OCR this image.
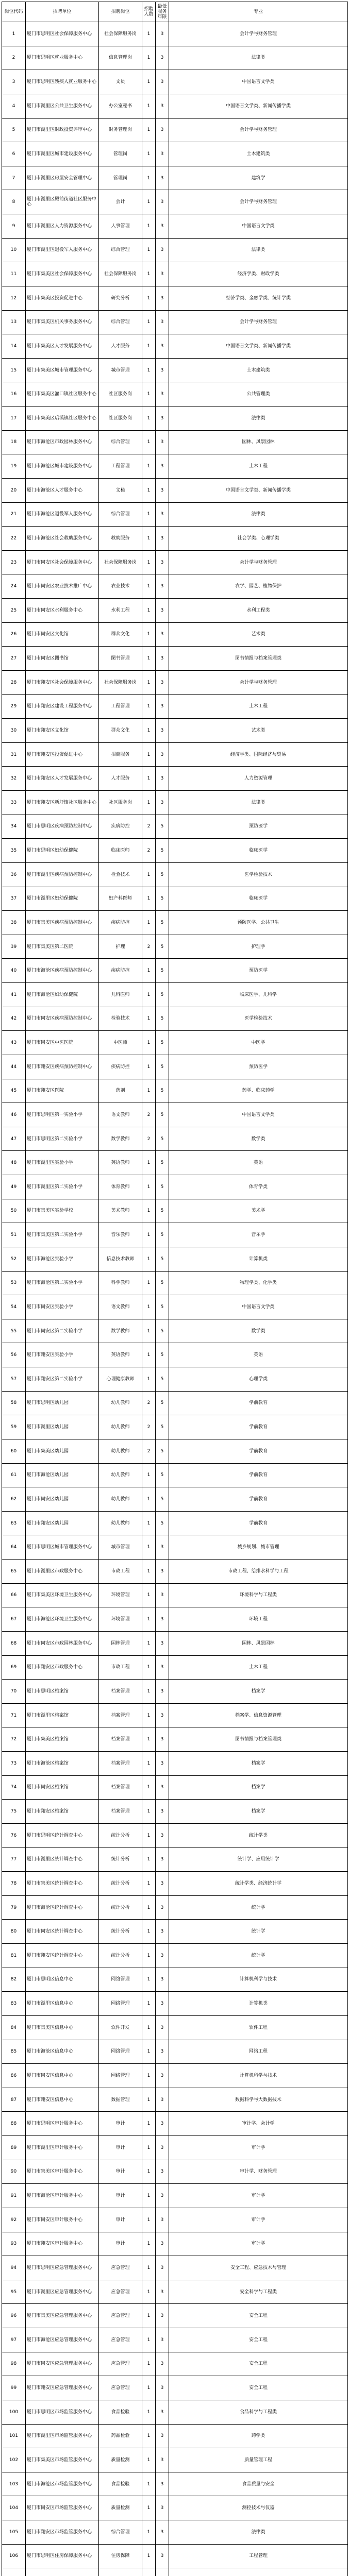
岗位代码	招聘单位	招聘岗位	招聘人数	最低服务年限	专业
1	厦门市思明区社会保障服务中心	社会保障服务岗	1	3	会计学与财务管理
2	厦门市思明区就业服务中心	信息管理岗	1	3	法律类
3	厦门市思明区残疾人就业服务中心	文员	1	3	中国语言文学类
4	厦门市湖里区公共卫生服务中心	办公室秘书	1	3	中国语言文学类、新闻传播学类
5	厦门市湖里区财政投资评审中心	财务管理岗	1	3	会计学与财务管理
6	厦门市湖里区城市建设服务中心	管理岗	1	3	土木建筑类
7	厦门市湖里区房屋安全管理中心	管理岗	1	3	建筑学
8	厦门市湖里区殿前街道社区服务中心	会计	1	3	会计学与财务管理
9	厦门市湖里区人力资源服务中心	人事管理	1	3	中国语言文学类
10	厦门市湖里区退役军人服务中心	综合管理	1	3	法律类
11	厦门市集美区社会保障服务中心	社会保障服务岗	1	3	经济学类、财政学类
12	厦门市集美区投资促进中心	研究分析	1	3	经济学类、金融学类、统计学类
13	厦门市集美区机关事务服务中心	综合管理	1	3	会计学与财务管理
14	厦门市集美区人才发展服务中心	人才服务	1	3	中国语言文学类、新闻传播学类
15	厦门市集美区城市管理服务中心	城市管理	1	3	土木建筑类
16	厦门市集美区灌口镇社区服务中心	社区服务岗	1	3	公共管理类
17	厦门市集美区后溪镇社区服务中心	社区服务岗	1	3	法律类
18	厦门市海沧区市政园林服务中心	综合管理	1	3	园林、风景园林
19	厦门市海沧区城市建设服务中心	工程管理	1	3	土木工程
20	厦门市海沧区人才服务中心	文秘	1	3	中国语言文学类、新闻传播学类
21	厦门市海沧区退役军人服务中心	综合管理	1	3	法律类
22	厦门市海沧区社会救助服务中心	救助服务	1	3	社会学类、心理学类
23	厦门市同安区社会保障服务中心	社会保障服务岗	1	3	会计学与财务管理
24	厦门市同安区农业技术推广中心	农业技术	1	3	农学、园艺、植物保护
25	厦门市同安区水利服务中心	水利工程	1	3	水利工程类
26	厦门市同安区文化馆	群众文化	1	3	艺术类
27	厦门市同安区图书馆	图书管理	1	3	图书情报与档案管理类
28	厦门市翔安区社会保障服务中心	社会保障服务岗	1	3	会计学与财务管理
29	厦门市翔安区建设工程服务中心	工程管理	1	3	土木工程
30	厦门市翔安区文化馆	群众文化	1	3	艺术类
31	厦门市翔安区投资促进中心	招商服务	1	3	经济学类、国际经济与贸易
32	厦门市翔安区人才发展服务中心	人才服务	1	3	人力资源管理
33	厦门市翔安区新圩镇社区服务中心	社区服务岗	1	3	法律类
34	厦门市思明区疾病预防控制中心	疾病防控	2	5	预防医学
35	厦门市思明区妇幼保健院	临床医师	2	5	临床医学
36	厦门市湖里区疾病预防控制中心	检验技术	1	5	医学检验技术
37	厦门市湖里区妇幼保健院	妇产科医师	1	5	临床医学
38	厦门市集美区疾病预防控制中心	疾病防控	1	5	预防医学、公共卫生
39	厦门市集美区第二医院	护理	2	5	护理学
40	厦门市海沧区疾病预防控制中心	疾病防控	1	5	预防医学
41	厦门市海沧区妇幼保健院	儿科医师	1	5	临床医学、儿科学
42	厦门市同安区疾病预防控制中心	检验技术	1	5	医学检验技术
43	厦门市同安区中医医院	中医师	1	5	中医学
44	厦门市翔安区疾病预防控制中心	疾病防控	1	5	预防医学
45	厦门市翔安区医院	药剂	1	5	药学、临床药学
46	厦门市思明区第一实验小学	语文教师	2	5	中国语言文学类
47	厦门市思明区第二实验小学	数学教师	2	5	数学类
48	厦门市湖里区实验小学	英语教师	1	5	英语
49	厦门市湖里区第二实验小学	体育教师	1	5	体育学类
50	厦门市集美区实验学校	美术教师	1	5	美术学
51	厦门市集美区第二实验小学	音乐教师	1	5	音乐学
52	厦门市海沧区实验小学	信息技术教师	1	5	计算机类
53	厦门市海沧区第二实验小学	科学教师	1	5	物理学类、化学类
54	厦门市同安区实验小学	语文教师	1	5	中国语言文学类
55	厦门市同安区第二实验小学	数学教师	1	5	数学类
56	厦门市翔安区实验小学	英语教师	1	5	英语
57	厦门市翔安区第二实验小学	心理健康教师	1	5	心理学类
58	厦门市思明区幼儿园	幼儿教师	2	5	学前教育
59	厦门市湖里区幼儿园	幼儿教师	2	5	学前教育
60	厦门市集美区幼儿园	幼儿教师	2	5	学前教育
61	厦门市海沧区幼儿园	幼儿教师	1	5	学前教育
62	厦门市同安区幼儿园	幼儿教师	1	5	学前教育
63	厦门市翔安区幼儿园	幼儿教师	1	5	学前教育
64	厦门市思明区城市管理服务中心	城市管理	1	3	城乡规划、城市管理
65	厦门市湖里区市政服务中心	市政工程	1	3	市政工程、给排水科学与工程
66	厦门市集美区环境卫生服务中心	环境管理	1	3	环境科学与工程类
67	厦门市海沧区环境卫生服务中心	环境管理	1	3	环境工程
68	厦门市同安区市政园林服务中心	园林管理	1	3	园林、风景园林
69	厦门市翔安区市政服务中心	市政工程	1	3	土木工程
70	厦门市思明区档案馆	档案管理	1	3	档案学
71	厦门市湖里区档案馆	档案管理	1	3	档案学、信息资源管理
72	厦门市集美区档案馆	档案管理	1	3	图书情报与档案管理类
73	厦门市海沧区档案馆	档案管理	1	3	档案学
74	厦门市同安区档案馆	档案管理	1	3	档案学
75	厦门市翔安区档案馆	档案管理	1	3	档案学
76	厦门市思明区统计调查中心	统计分析	1	3	统计学类
77	厦门市湖里区统计调查中心	统计分析	1	3	统计学、应用统计学
78	厦门市集美区统计调查中心	统计分析	1	3	统计学类、经济统计学
79	厦门市海沧区统计调查中心	统计分析	1	3	统计学
80	厦门市同安区统计调查中心	统计分析	1	3	统计学
81	厦门市翔安区统计调查中心	统计分析	1	3	统计学
82	厦门市思明区信息中心	网络管理	1	3	计算机科学与技术
83	厦门市湖里区信息中心	网络管理	1	3	计算机类
84	厦门市集美区信息中心	软件开发	1	3	软件工程
85	厦门市海沧区信息中心	网络管理	1	3	网络工程
86	厦门市同安区信息中心	网络管理	1	3	计算机科学与技术
87	厦门市翔安区信息中心	数据管理	1	3	数据科学与大数据技术
88	厦门市思明区审计服务中心	审计	1	3	审计学、会计学
89	厦门市湖里区审计服务中心	审计	1	3	审计学
90	厦门市集美区审计服务中心	审计	1	3	审计学、财务管理
91	厦门市海沧区审计服务中心	审计	1	3	审计学
92	厦门市同安区审计服务中心	审计	1	3	审计学
93	厦门市翔安区审计服务中心	审计	1	3	审计学
94	厦门市思明区应急管理服务中心	应急管理	1	3	安全工程、应急技术与管理
95	厦门市湖里区应急管理服务中心	应急管理	1	3	安全科学与工程类
96	厦门市集美区应急管理服务中心	应急管理	1	3	安全工程
97	厦门市海沧区应急管理服务中心	应急管理	1	3	安全工程
98	厦门市同安区应急管理服务中心	应急管理	1	3	安全工程
99	厦门市翔安区应急管理服务中心	应急管理	1	3	安全工程
100	厦门市思明区市场监管服务中心	食品检验	1	3	食品科学与工程类
101	厦门市湖里区市场监管服务中心	药品检验	1	3	药学类
102	厦门市集美区市场监管服务中心	质量检测	1	3	质量管理工程
103	厦门市海沧区市场监管服务中心	食品检验	1	3	食品质量与安全
104	厦门市同安区市场监管服务中心	质量检测	1	3	测控技术与仪器
105	厦门市翔安区市场监管服务中心	综合管理	1	3	法律类
106	厦门市思明区住房保障服务中心	住房保障	1	3	工程管理
